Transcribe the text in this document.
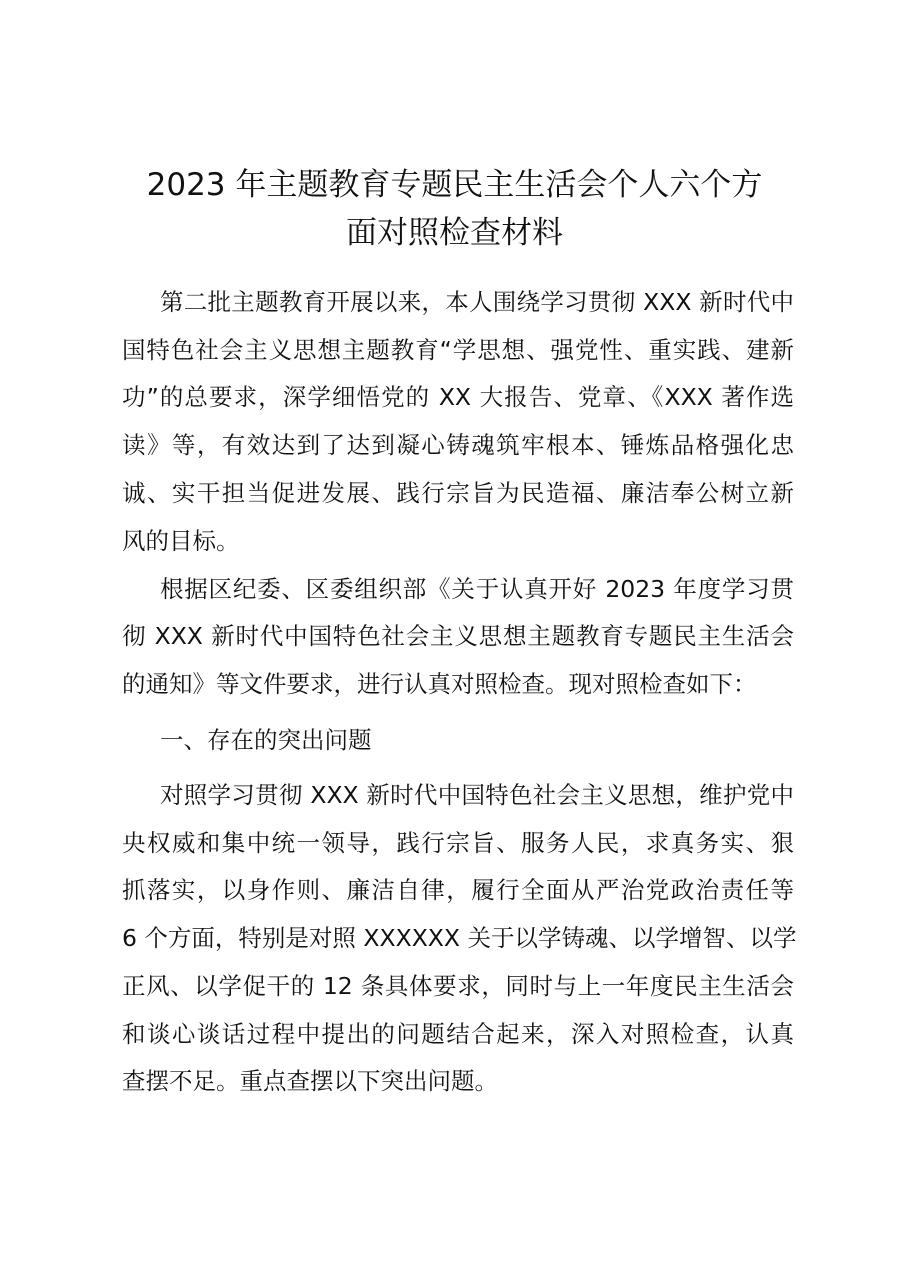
2023 年主题教育专题民主生活会个人六个方
面对照检查材料
第二批主题教育开展以来，本人围绕学习贯彻 XXX 新时代中
国特色社会主义思想主题教育“学思想、强党性、重实践、建新
功”的总要求，深学细悟党的 XX 大报告、党章、《XXX 著作选
读》等，有效达到了达到凝心铸魂筑牢根本、锤炼品格强化忠
诚、实干担当促进发展、践行宗旨为民造福、廉洁奉公树立新
风的目标。
根据区纪委、区委组织部《关于认真开好 2023 年度学习贯
彻 XXX 新时代中国特色社会主义思想主题教育专题民主生活会
的通知》等文件要求，进行认真对照检查。现对照检查如下：
一、存在的突出问题
对照学习贯彻 XXX 新时代中国特色社会主义思想，维护党中
央权威和集中统一领导，践行宗旨、服务人民，求真务实、狠
抓落实，以身作则、廉洁自律，履行全面从严治党政治责任等
6 个方面，特别是对照 XXXXXX 关于以学铸魂、以学增智、以学
正风、以学促干的 12 条具体要求，同时与上一年度民主生活会
和谈心谈话过程中提出的问题结合起来，深入对照检查，认真
查摆不足。重点查摆以下突出问题。
